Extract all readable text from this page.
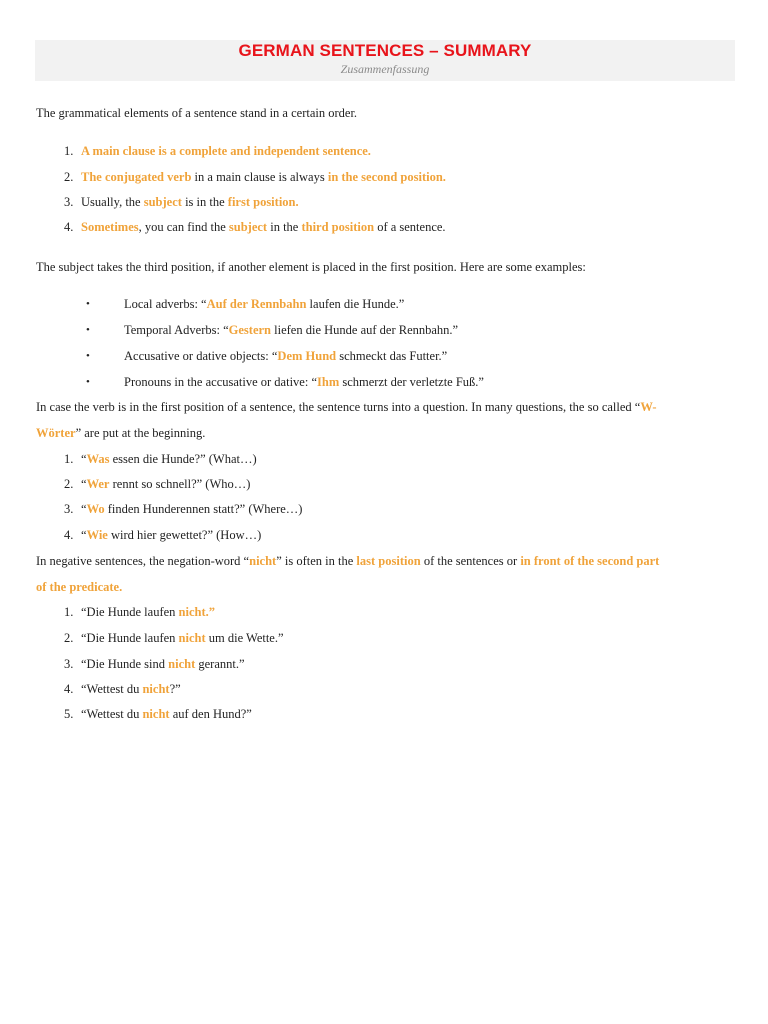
GERMAN SENTENCES – SUMMARY
Zusammenfassung
The grammatical elements of a sentence stand in a certain order.
1. A main clause is a complete and independent sentence.
2. The conjugated verb in a main clause is always in the second position.
3. Usually, the subject is in the first position.
4. Sometimes, you can find the subject in the third position of a sentence.
The subject takes the third position, if another element is placed in the first position. Here are some examples:
•	Local adverbs: “Auf der Rennbahn laufen die Hunde.”
•	Temporal Adverbs: “Gestern liefen die Hunde auf der Rennbahn.”
•	Accusative or dative objects: “Dem Hund schmeckt das Futter.”
•	Pronouns in the accusative or dative: “Ihm schmerzt der verletzte Fuß.”
In case the verb is in the first position of a sentence, the sentence turns into a question. In many questions, the so called “W-
Wörter” are put at the beginning.
1. “Was essen die Hunde?” (What…)
2. “Wer rennt so schnell?” (Who…)
3. “Wo finden Hunderennen statt?” (Where…)
4. “Wie wird hier gewettet?” (How…)
In negative sentences, the negation-word “nicht” is often in the last position of the sentences or in front of the second part
of the predicate.
1. “Die Hunde laufen nicht.”
2. “Die Hunde laufen nicht um die Wette.”
3. “Die Hunde sind nicht gerannt.”
4. “Wettest du nicht?”
5. “Wettest du nicht auf den Hund?”
